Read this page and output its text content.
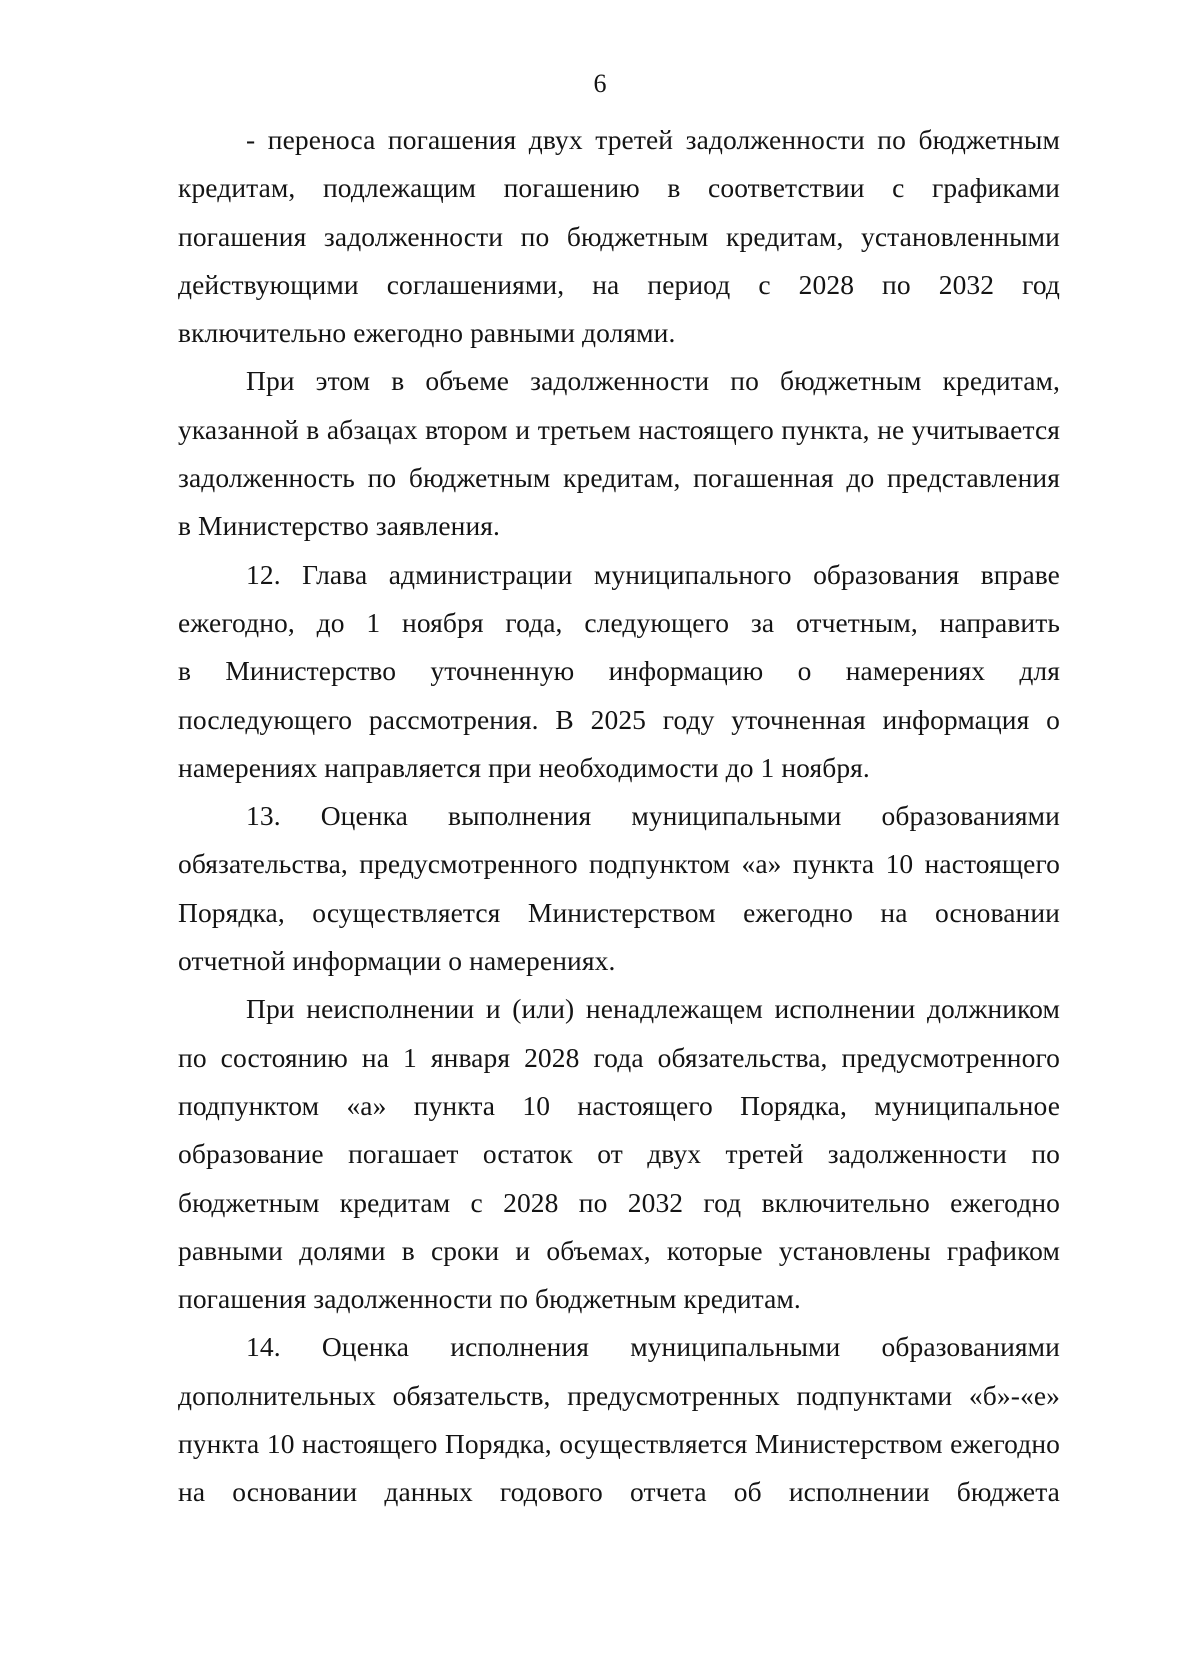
6
- переноса погашения двух третей задолженности по бюджетным
кредитам, подлежащим погашению в соответствии с графиками
погашения задолженности по бюджетным кредитам, установленными
действующими соглашениями, на период с 2028 по 2032 год
включительно ежегодно равными долями.
При этом в объеме задолженности по бюджетным кредитам,
указанной в абзацах втором и третьем настоящего пункта, не учитывается
задолженность по бюджетным кредитам, погашенная до представления
в Министерство заявления.
12. Глава администрации муниципального образования вправе
ежегодно, до 1 ноября года, следующего за отчетным, направить
в Министерство уточненную информацию о намерениях для
последующего рассмотрения. В 2025 году уточненная информация о
намерениях направляется при необходимости до 1 ноября.
13. Оценка выполнения муниципальными образованиями
обязательства, предусмотренного подпунктом «а» пункта 10 настоящего
Порядка, осуществляется Министерством ежегодно на основании
отчетной информации о намерениях.
При неисполнении и (или) ненадлежащем исполнении должником
по состоянию на 1 января 2028 года обязательства, предусмотренного
подпунктом «а» пункта 10 настоящего Порядка, муниципальное
образование погашает остаток от двух третей задолженности по
бюджетным кредитам с 2028 по 2032 год включительно ежегодно
равными долями в сроки и объемах, которые установлены графиком
погашения задолженности по бюджетным кредитам.
14. Оценка исполнения муниципальными образованиями
дополнительных обязательств, предусмотренных подпунктами «б»-«е»
пункта 10 настоящего Порядка, осуществляется Министерством ежегодно
на основании данных годового отчета об исполнении бюджета
